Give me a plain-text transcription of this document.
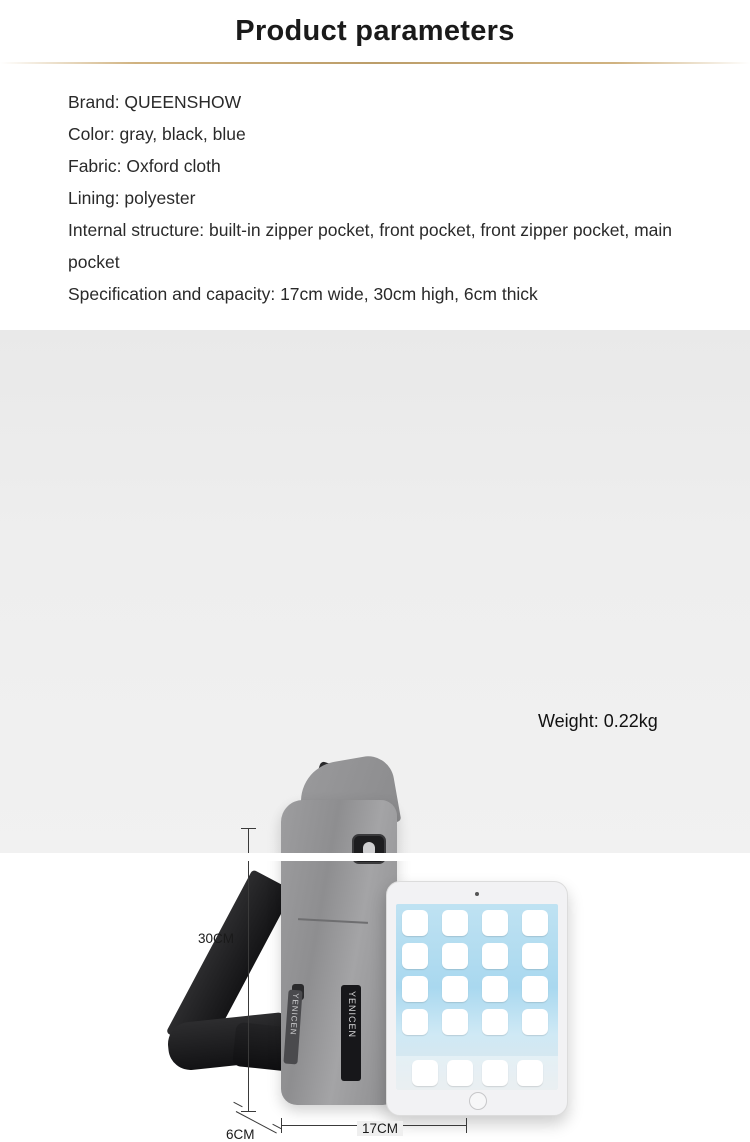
Product parameters
Brand: QUEENSHOW
Color: gray, black, blue
Fabric: Oxford cloth
Lining: polyester
Internal structure: built-in zipper pocket, front pocket, front zipper pocket, main pocket
Specification and capacity: 17cm wide, 30cm high, 6cm thick
Weight: 0.22kg
YENICEN	YENICEN
30CM
17CM
6CM
